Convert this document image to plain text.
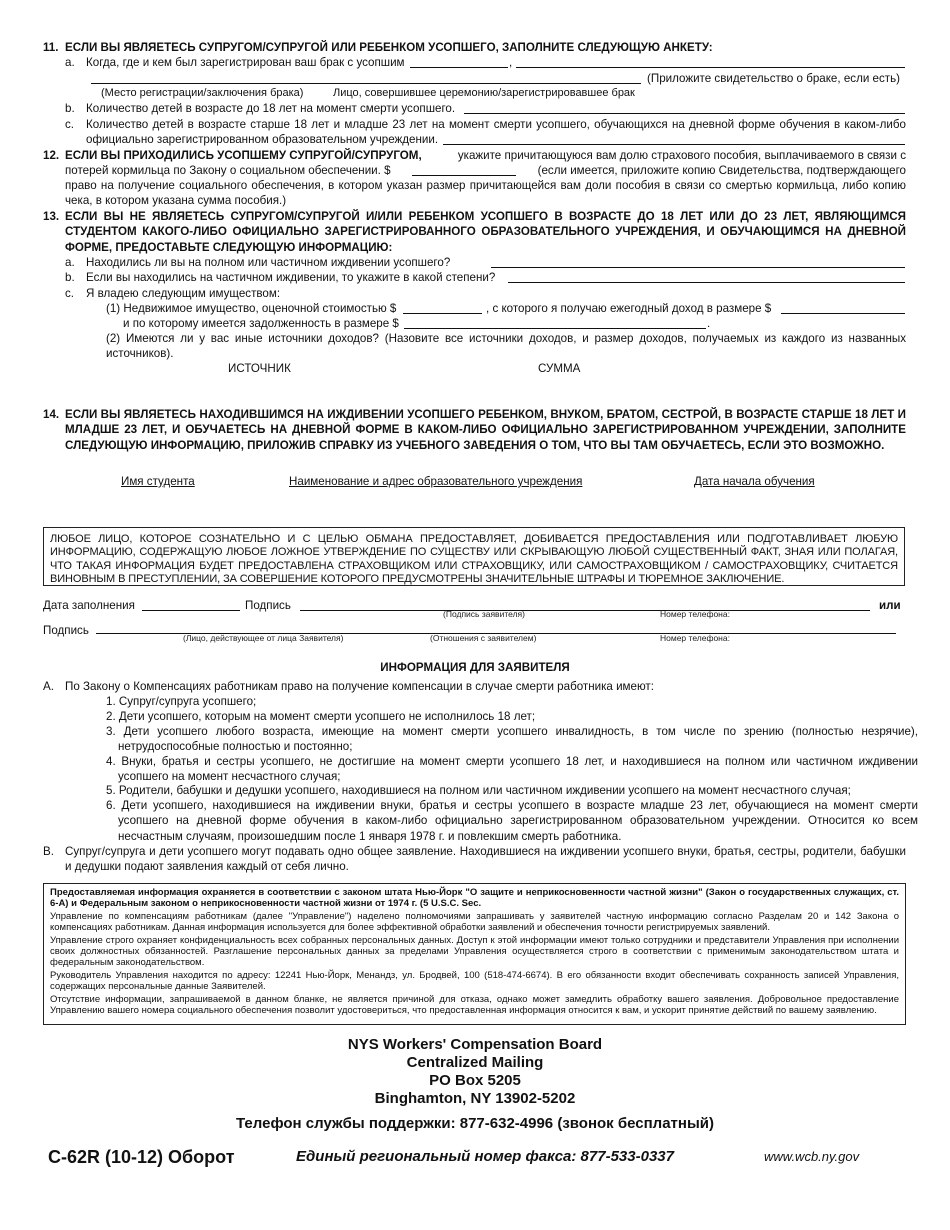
11. ЕСЛИ ВЫ ЯВЛЯЕТЕСЬ СУПРУГОМ/СУПРУГОЙ ИЛИ РЕБЕНКОМ УСОПШЕГО, ЗАПОЛНИТЕ СЛЕДУЮЩУЮ АНКЕТУ:
a. Когда, где и кем был зарегистрирован ваш брак с усопшим	,
(Приложите свидетельство о браке, если есть)
(Место регистрации/заключения брака)	Лицо, совершившее церемонию/зарегистрировавшее брак
b. Количество детей в возрасте до 18 лет на момент смерти усопшего.
c. Количество детей в возрасте старше 18 лет и младше 23 лет на момент смерти усопшего, обучающихся на дневной форме обучения в каком-либо официально зарегистрированном образовательном учреждении.
12. ЕСЛИ ВЫ ПРИХОДИЛИСЬ УСОПШЕМУ СУПРУГОЙ/СУПРУГОМ,	укажите причитающуюся вам долю страхового пособия, выплачиваемого в связи с
потерей кормильца по Закону о социальном обеспечении. $	(если имеется, приложите копию Свидетельства, подтверждающего
право на получение социального обеспечения, в котором указан размер причитающейся вам доли пособия в связи со смертью кормильца, либо копию
чека, в котором указана сумма пособия.)
13. ЕСЛИ ВЫ НЕ ЯВЛЯЕТЕСЬ СУПРУГОМ/СУПРУГОЙ И/ИЛИ РЕБЕНКОМ УСОПШЕГО В ВОЗРАСТЕ ДО 18 ЛЕТ ИЛИ ДО 23 ЛЕТ, ЯВЛЯЮЩИМСЯ СТУДЕНТОМ КАКОГО-ЛИБО ОФИЦИАЛЬНО ЗАРЕГИСТРИРОВАННОГО ОБРАЗОВАТЕЛЬНОГО УЧРЕЖДЕНИЯ, И ОБУЧАЮЩИМСЯ НА ДНЕВНОЙ ФОРМЕ, ПРЕДОСТАВЬТЕ СЛЕДУЮЩУЮ ИНФОРМАЦИЮ:
a. Находились ли вы на полном или частичном иждивении усопшего?
b. Если вы находились на частичном иждивении, то укажите в какой степени?
c. Я владею следующим имуществом:
(1) Недвижимое имущество, оценочной стоимостью $	, с которого я получаю ежегодный доход в размере $
и по которому имеется задолженность в размере $	.
(2) Имеются ли у вас иные источники доходов? (Назовите все источники доходов, и размер доходов, получаемых из каждого из названных источников).
ИСТОЧНИК	СУММА
14. ЕСЛИ ВЫ ЯВЛЯЕТЕСЬ НАХОДИВШИМСЯ НА ИЖДИВЕНИИ УСОПШЕГО РЕБЕНКОМ, ВНУКОМ, БРАТОМ, СЕСТРОЙ, В ВОЗРАСТЕ СТАРШЕ 18 ЛЕТ И МЛАДШЕ 23 ЛЕТ, И ОБУЧАЕТЕСЬ НА ДНЕВНОЙ ФОРМЕ В КАКОМ-ЛИБО ОФИЦИАЛЬНО ЗАРЕГИСТРИРОВАННОМ УЧРЕЖДЕНИИ, ЗАПОЛНИТЕ СЛЕДУЮЩУЮ ИНФОРМАЦИЮ, ПРИЛОЖИВ СПРАВКУ ИЗ УЧЕБНОГО ЗАВЕДЕНИЯ О ТОМ, ЧТО ВЫ ТАМ ОБУЧАЕТЕСЬ, ЕСЛИ ЭТО ВОЗМОЖНО.
Имя студента	Наименование и адрес образовательного учреждения	Дата начала обучения

ЛЮБОЕ ЛИЦО, КОТОРОЕ СОЗНАТЕЛЬНО И С ЦЕЛЬЮ ОБМАНА ПРЕДОСТАВЛЯЕТ, ДОБИВАЕТСЯ ПРЕДОСТАВЛЕНИЯ ИЛИ ПОДГОТАВЛИВАЕТ ЛЮБУЮ ИНФОРМАЦИЮ, СОДЕРЖАЩУЮ ЛЮБОЕ ЛОЖНОЕ УТВЕРЖДЕНИЕ ПО СУЩЕСТВУ ИЛИ СКРЫВАЮЩУЮ ЛЮБОЙ СУЩЕСТВЕННЫЙ ФАКТ, ЗНАЯ ИЛИ ПОЛАГАЯ, ЧТО ТАКАЯ ИНФОРМАЦИЯ БУДЕТ ПРЕДОСТАВЛЕНА СТРАХОВЩИКОМ ИЛИ СТРАХОВЩИКУ, ИЛИ САМОСТРАХОВЩИКОМ / САМОСТРАХОВЩИКУ, СЧИТАЕТСЯ ВИНОВНЫМ В ПРЕСТУПЛЕНИИ, ЗА СОВЕРШЕНИЕ КОТОРОГО ПРЕДУСМОТРЕНЫ ЗНАЧИТЕЛЬНЫЕ ШТРАФЫ И ТЮРЕМНОЕ ЗАКЛЮЧЕНИЕ.

Дата заполнения	Подпись	или
(Подпись заявителя)	Номер телефона:
Подпись
(Лицо, действующее от лица Заявителя)	(Отношения с заявителем)	Номер телефона:
ИНФОРМАЦИЯ ДЛЯ ЗАЯВИТЕЛЯ
A. По Закону о Компенсациях работникам право на получение компенсации в случае смерти работника имеют:
1. Супруг/супруга усопшего;
2. Дети усопшего, которым на момент смерти усопшего не исполнилось 18 лет;
3. Дети усопшего любого возраста, имеющие на момент смерти усопшего инвалидность, в том числе по зрению (полностью незрячие), нетрудоспособные полностью и постоянно;
4. Внуки, братья и сестры усопшего, не достигшие на момент смерти усопшего 18 лет, и находившиеся на полном или частичном иждивении усопшего на момент несчастного случая;
5. Родители, бабушки и дедушки усопшего, находившиеся на полном или частичном иждивении усопшего на момент несчастного случая;
6. Дети усопшего, находившиеся на иждивении внуки, братья и сестры усопшего в возрасте младше 23 лет, обучающиеся на момент смерти усопшего на дневной форме обучения в каком-либо официально зарегистрированном образовательном учреждении. Относится ко всем несчастным случаям, произошедшим после 1 января 1978 г. и повлекшим смерть работника.
B. Супруг/супруга и дети усопшего могут подавать одно общее заявление. Находившиеся на иждивении усопшего внуки, братья, сестры, родители, бабушки и дедушки подают заявления каждый от себя лично.

Предоставляемая информация охраняется в соответствии с законом штата Нью-Йорк "О защите и неприкосновенности частной жизни" (Закон о государственных служащих, ст. 6-А) и Федеральным законом о неприкосновенности частной жизни от 1974 г. (5 U.S.C. Sec.

Управление по компенсациям работникам (далее "Управление") наделено полномочиями запрашивать у заявителей частную информацию согласно Разделам 20 и 142 Закона о компенсациях работникам. Данная информация используется для более эффективной обработки заявлений и обеспечения точности регистрируемых заявлений.

Управление строго охраняет конфиденциальность всех собранных персональных данных. Доступ к этой информации имеют только сотрудники и представители Управления при исполнении своих должностных обязанностей. Разглашение персональных данных за пределами Управления осуществляется строго в соответствии с применимым законодательством штата и федеральным законодательством.

Руководитель Управления находится по адресу: 12241 Нью-Йорк, Менандз, ул. Бродвей, 100 (518-474-6674). В его обязанности входит обеспечивать сохранность записей Управления, содержащих персональные данные Заявителей.

Отсутствие информации, запрашиваемой в данном бланке, не является причиной для отказа, однако может замедлить обработку вашего заявления. Добровольное предоставление Управлению вашего номера социального обеспечения позволит удостовериться, что предоставленная информация относится к вам, и ускорит принятие действий по вашему заявлению.

NYS Workers' Compensation Board
Centralized Mailing
PO Box 5205
Binghamton, NY 13902-5202
Телефон службы поддержки: 877-632-4996 (звонок бесплатный)
C-62R (10-12) Оборот	Единый региональный номер факса: 877-533-0337	www.wcb.ny.gov
